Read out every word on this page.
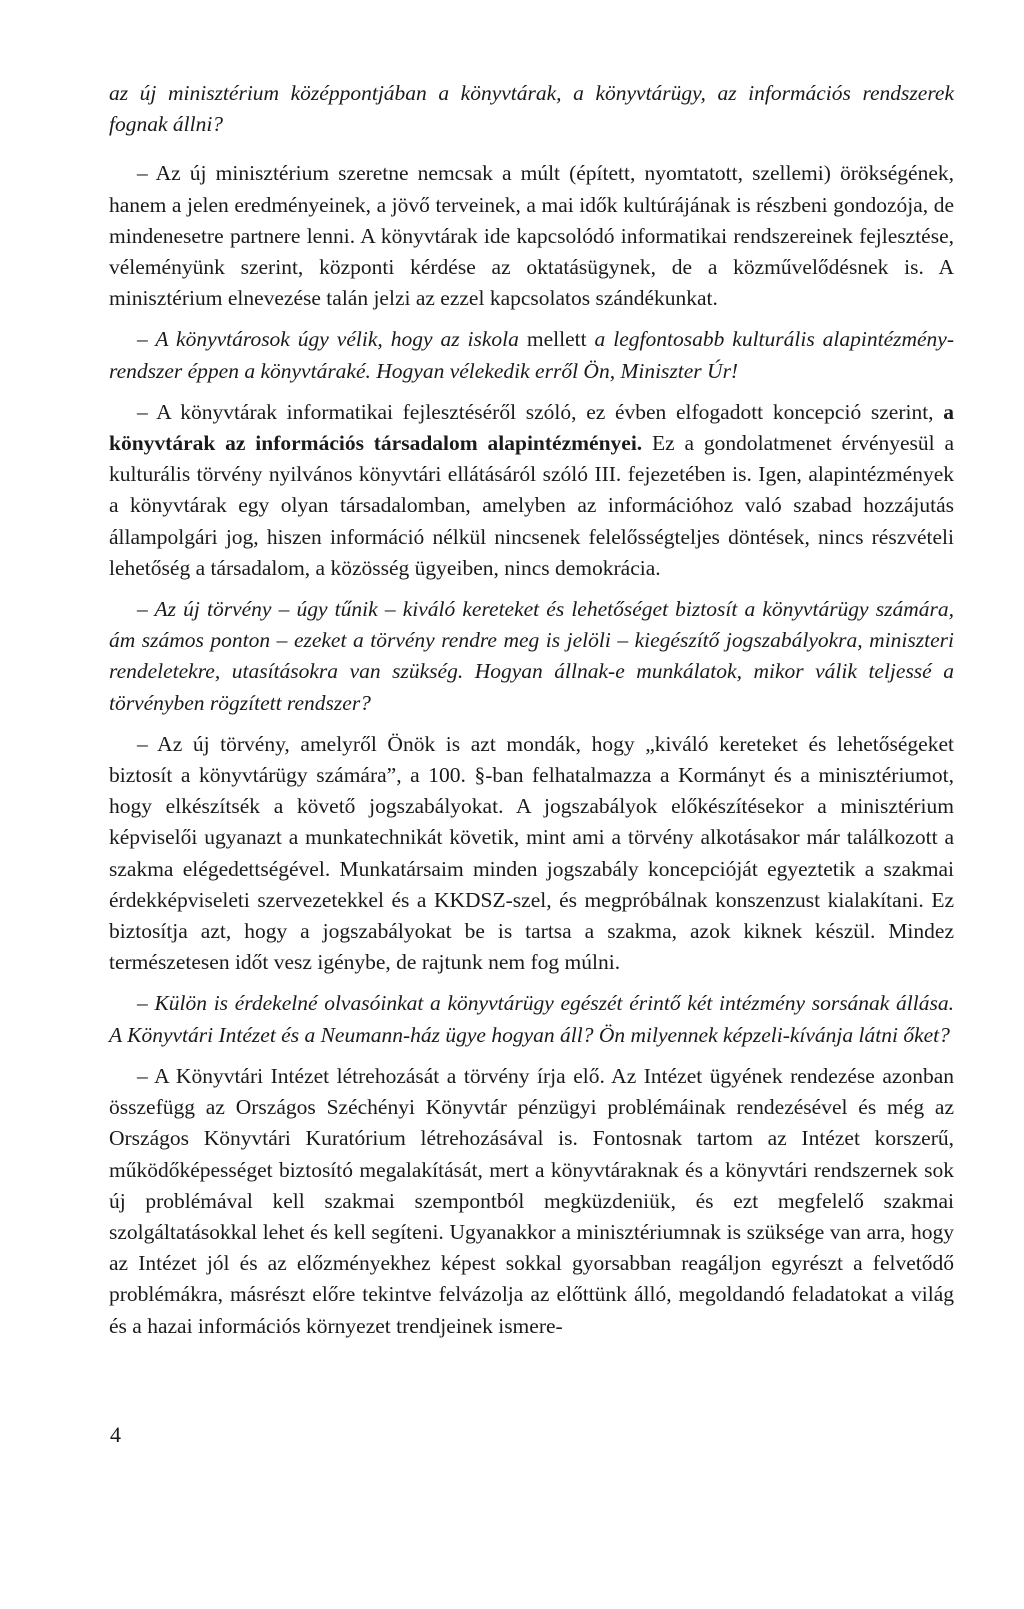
az új minisztérium középpontjában a könyvtárak, a könyvtárügy, az információs rendszerek fognak állni?

– Az új minisztérium szeretne nemcsak a múlt (épített, nyomtatott, szellemi) örökségének, hanem a jelen eredményeinek, a jövő terveinek, a mai idők kultúrájának is részbeni gondozója, de mindenesetre partnere lenni. A könyvtárak ide kapcsolódó informatikai rendszereinek fejlesztése, véleményünk szerint, központi kérdése az oktatásügynek, de a közművelődésnek is. A minisztérium elnevezése talán jelzi az ezzel kapcsolatos szándékunkat.

– A könyvtárosok úgy vélik, hogy az iskola mellett a legfontosabb kulturális alapintézmény-rendszer éppen a könyvtáraké. Hogyan vélekedik erről Ön, Miniszter Úr!

– A könyvtárak informatikai fejlesztéséről szóló, ez évben elfogadott koncepció szerint, a könyvtárak az információs társadalom alapintézményei. Ez a gondolatmenet érvényesül a kulturális törvény nyilvános könyvtári ellátásáról szóló III. fejezetében is. Igen, alapintézmények a könyvtárak egy olyan társadalomban, amelyben az információhoz való szabad hozzájutás állampolgári jog, hiszen információ nélkül nincsenek felelősségteljes döntések, nincs részvételi lehetőség a társadalom, a közösség ügyeiben, nincs demokrácia.

– Az új törvény – úgy tűnik – kiváló kereteket és lehetőséget biztosít a könyvtárügy számára, ám számos ponton – ezeket a törvény rendre meg is jelöli – kiegészítő jogszabályokra, miniszteri rendeletekre, utasításokra van szükség. Hogyan állnak-e munkálatok, mikor válik teljessé a törvényben rögzített rendszer?

– Az új törvény, amelyről Önök is azt mondák, hogy „kiváló kereteket és lehetőségeket biztosít a könyvtárügy számára”, a 100. §-ban felhatalmazza a Kormányt és a minisztériumot, hogy elkészítsék a követő jogszabályokat. A jogszabályok előkészítésekor a minisztérium képviselői ugyanazt a munkatechnikát követik, mint ami a törvény alkotásakor már találkozott a szakma elégedettségével. Munkatársaim minden jogszabály koncepcióját egyeztetik a szakmai érdekképviseleti szervezetekkel és a KKDSZ-szel, és megpróbálnak konszenzust kialakítani. Ez biztosítja azt, hogy a jogszabályokat be is tartsa a szakma, azok kiknek készül. Mindez természetesen időt vesz igénybe, de rajtunk nem fog múlni.

– Külön is érdekelné olvasóinkat a könyvtárügy egészét érintő két intézmény sorsának állása. A Könyvtári Intézet és a Neumann-ház ügye hogyan áll? Ön milyennek képzeli-kívánja látni őket?

– A Könyvtári Intézet létrehozását a törvény írja elő. Az Intézet ügyének rendezése azonban összefügg az Országos Széchényi Könyvtár pénzügyi problémáinak rendezésével és még az Országos Könyvtári Kuratórium létrehozásával is. Fontosnak tartom az Intézet korszerű, működőképességet biztosító megalakítását, mert a könyvtáraknak és a könyvtári rendszernek sok új problémával kell szakmai szempontból megküzdeniük, és ezt megfelelő szakmai szolgáltatásokkal lehet és kell segíteni. Ugyanakkor a minisztériumnak is szüksége van arra, hogy az Intézet jól és az előzményekhez képest sokkal gyorsabban reagáljon egyrészt a felvetődő problémákra, másrészt előre tekintve felvázolja az előttünk álló, megoldandó feladatokat a világ és a hazai információs környezet trendjeinek ismere-

4
